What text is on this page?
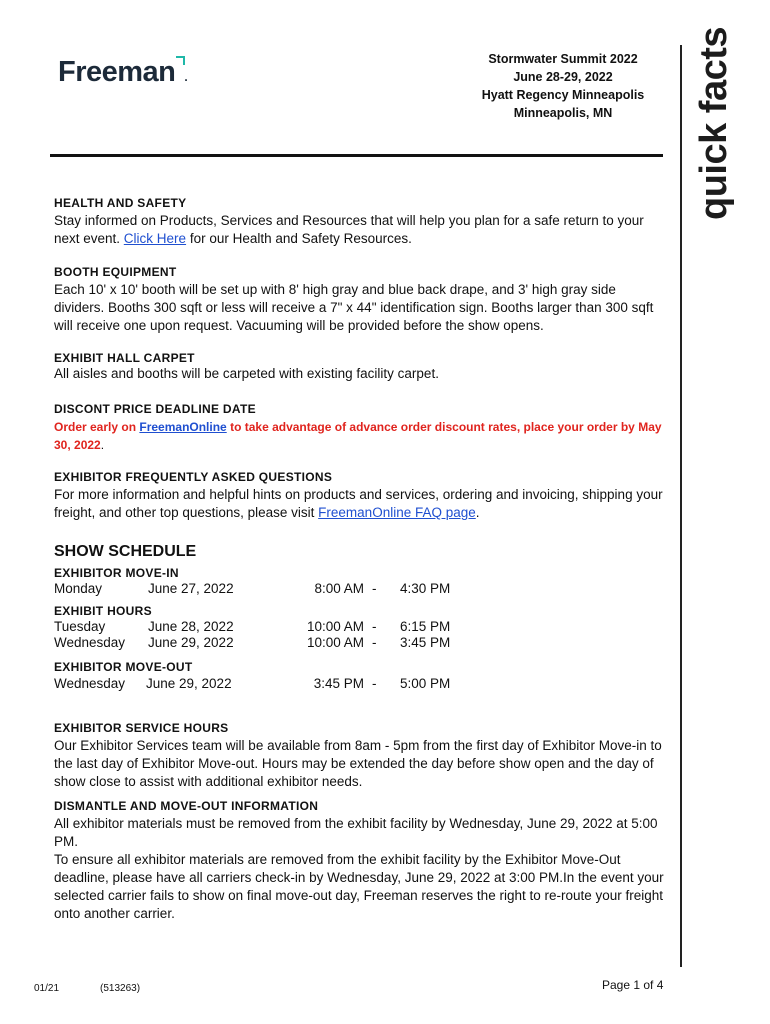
Freeman .
Stormwater Summit 2022
June 28-29, 2022
Hyatt Regency Minneapolis
Minneapolis, MN	quick facts

HEALTH AND SAFETY

Stay informed on Products, Services and Resources that will help you plan for a safe return to your next event. Click Here for our Health and Safety Resources.

BOOTH EQUIPMENT

Each 10' x 10' booth will be set up with 8' high gray and blue back drape, and 3' high gray side dividers. Booths 300 sqft or less will receive a 7" x 44" identification sign. Booths larger than 300 sqft will receive one upon request. Vacuuming will be provided before the show opens.

EXHIBIT HALL CARPET

All aisles and booths will be carpeted with existing facility carpet.

DISCONT PRICE DEADLINE DATE

Order early on FreemanOnline to take advantage of advance order discount rates, place your order by May 30, 2022.

EXHIBITOR FREQUENTLY ASKED QUESTIONS

For more information and helpful hints on products and services, ordering and invoicing, shipping your freight, and other top questions, please visit FreemanOnline FAQ page.

SHOW SCHEDULE

EXHIBITOR MOVE-IN

Monday	June 27, 2022	8:00 AM - 4:30 PM

EXHIBIT HOURS

Tuesday	June 28, 2022	10:00 AM - 6:15 PM
Wednesday June 29, 2022	10:00 AM - 3:45 PM

EXHIBITOR MOVE-OUT

Wednesday June 29, 2022	3:45 PM - 5:00 PM

EXHIBITOR SERVICE HOURS

Our Exhibitor Services team will be available from 8am - 5pm from the first day of Exhibitor Move-in to the last day of Exhibitor Move-out. Hours may be extended the day before show open and the day of show close to assist with additional exhibitor needs.

DISMANTLE AND MOVE-OUT INFORMATION

All exhibitor materials must be removed from the exhibit facility by Wednesday, June 29, 2022 at 5:00 PM.

To ensure all exhibitor materials are removed from the exhibit facility by the Exhibitor Move-Out deadline, please have all carriers check-in by Wednesday, June 29, 2022 at 3:00 PM.In the event your selected carrier fails to show on final move-out day, Freeman reserves the right to re-route your freight onto another carrier.

01/21	(513263)	Page 1 of 4
